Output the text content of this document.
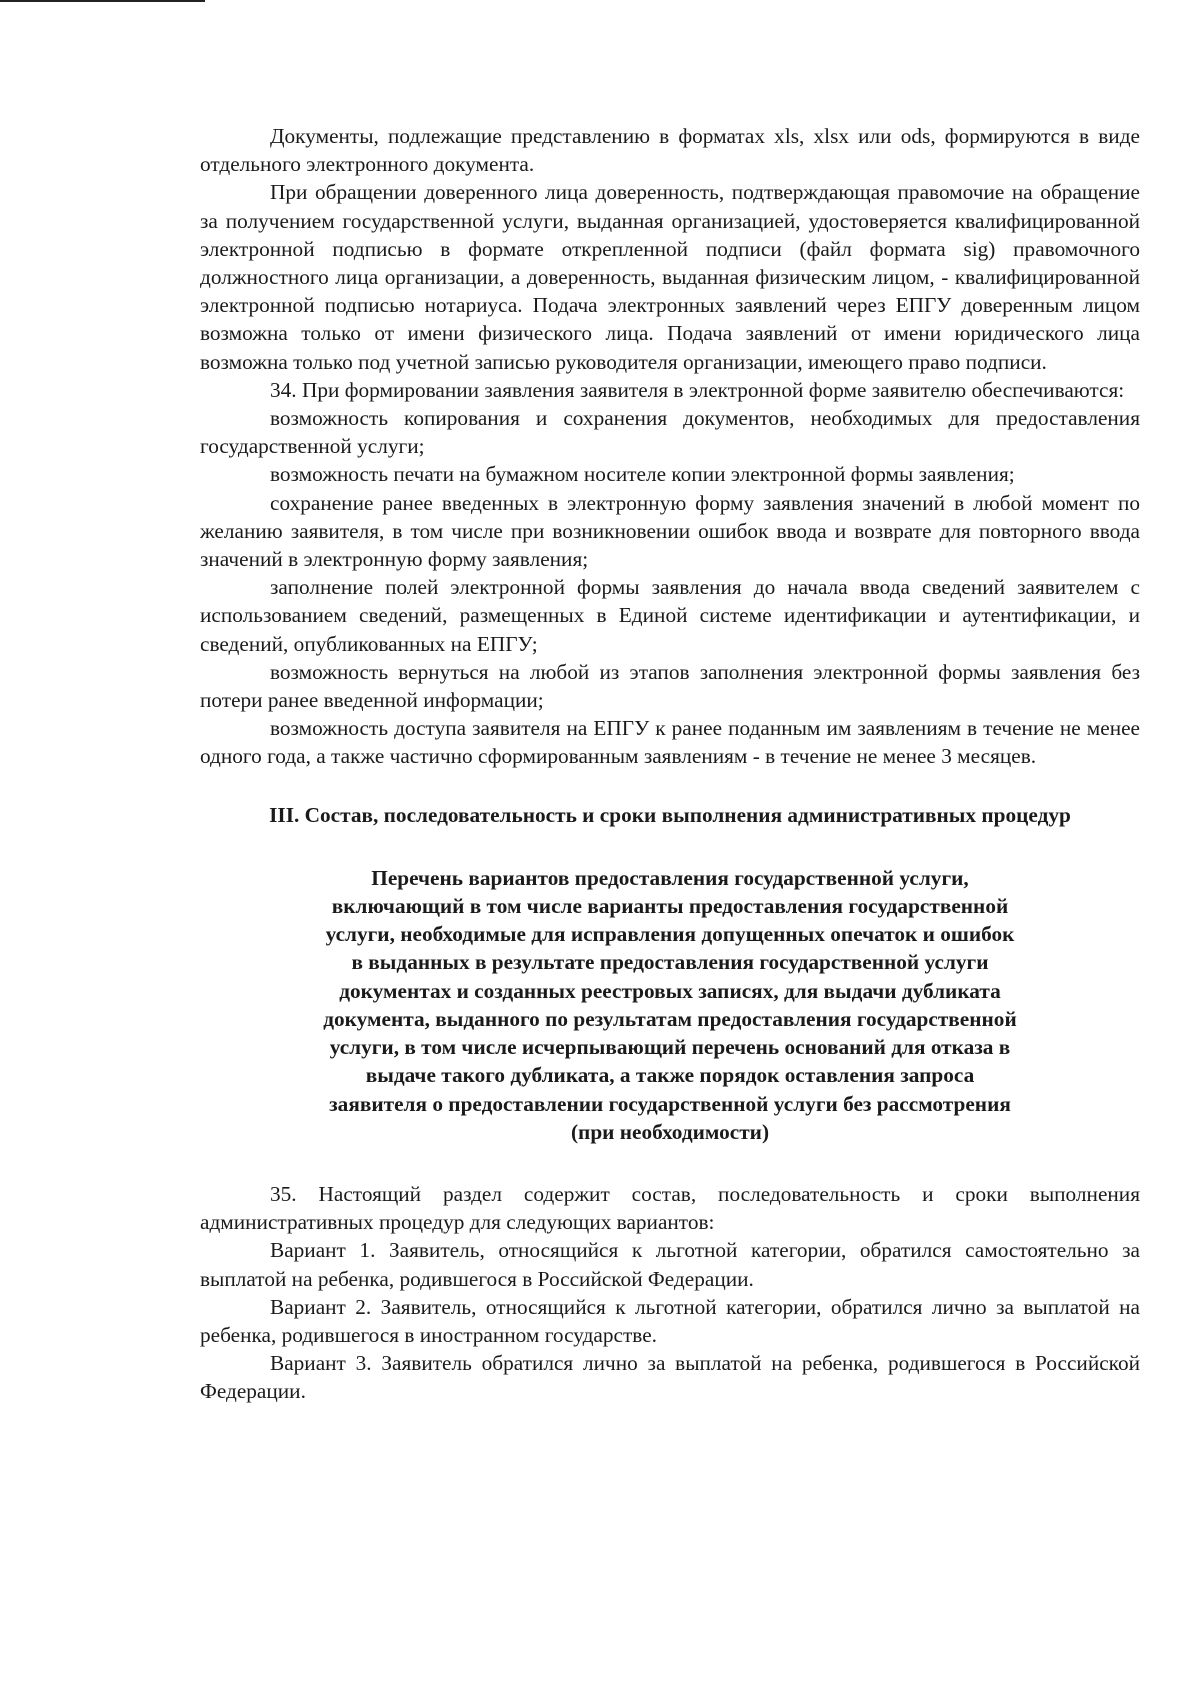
Документы, подлежащие представлению в форматах xls, xlsx или ods, формируются в виде отдельного электронного документа.

При обращении доверенного лица доверенность, подтверждающая правомочие на обращение за получением государственной услуги, выданная организацией, удостоверяется квалифицированной электронной подписью в формате открепленной подписи (файл формата sig) правомочного должностного лица организации, а доверенность, выданная физическим лицом, - квалифицированной электронной подписью нотариуса. Подача электронных заявлений через ЕПГУ доверенным лицом возможна только от имени физического лица. Подача заявлений от имени юридического лица возможна только под учетной записью руководителя организации, имеющего право подписи.

34. При формировании заявления заявителя в электронной форме заявителю обеспечиваются:

возможность копирования и сохранения документов, необходимых для предоставления государственной услуги;

возможность печати на бумажном носителе копии электронной формы заявления;

сохранение ранее введенных в электронную форму заявления значений в любой момент по желанию заявителя, в том числе при возникновении ошибок ввода и возврате для повторного ввода значений в электронную форму заявления;

заполнение полей электронной формы заявления до начала ввода сведений заявителем с использованием сведений, размещенных в Единой системе идентификации и аутентификации, и сведений, опубликованных на ЕПГУ;

возможность вернуться на любой из этапов заполнения электронной формы заявления без потери ранее введенной информации;

возможность доступа заявителя на ЕПГУ к ранее поданным им заявлениям в течение не менее одного года, а также частично сформированным заявлениям - в течение не менее 3 месяцев.

III. Состав, последовательность и сроки выполнения административных процедур
Перечень вариантов предоставления государственной услуги, включающий в том числе варианты предоставления государственной услуги, необходимые для исправления допущенных опечаток и ошибок в выданных в результате предоставления государственной услуги документах и созданных реестровых записях, для выдачи дубликата документа, выданного по результатам предоставления государственной услуги, в том числе исчерпывающий перечень оснований для отказа в выдаче такого дубликата, а также порядок оставления запроса заявителя о предоставлении государственной услуги без рассмотрения (при необходимости)

35. Настоящий раздел содержит состав, последовательность и сроки выполнения административных процедур для следующих вариантов:

Вариант 1. Заявитель, относящийся к льготной категории, обратился самостоятельно за выплатой на ребенка, родившегося в Российской Федерации.

Вариант 2. Заявитель, относящийся к льготной категории, обратился лично за выплатой на ребенка, родившегося в иностранном государстве.

Вариант 3. Заявитель обратился лично за выплатой на ребенка, родившегося в Российской Федерации.
